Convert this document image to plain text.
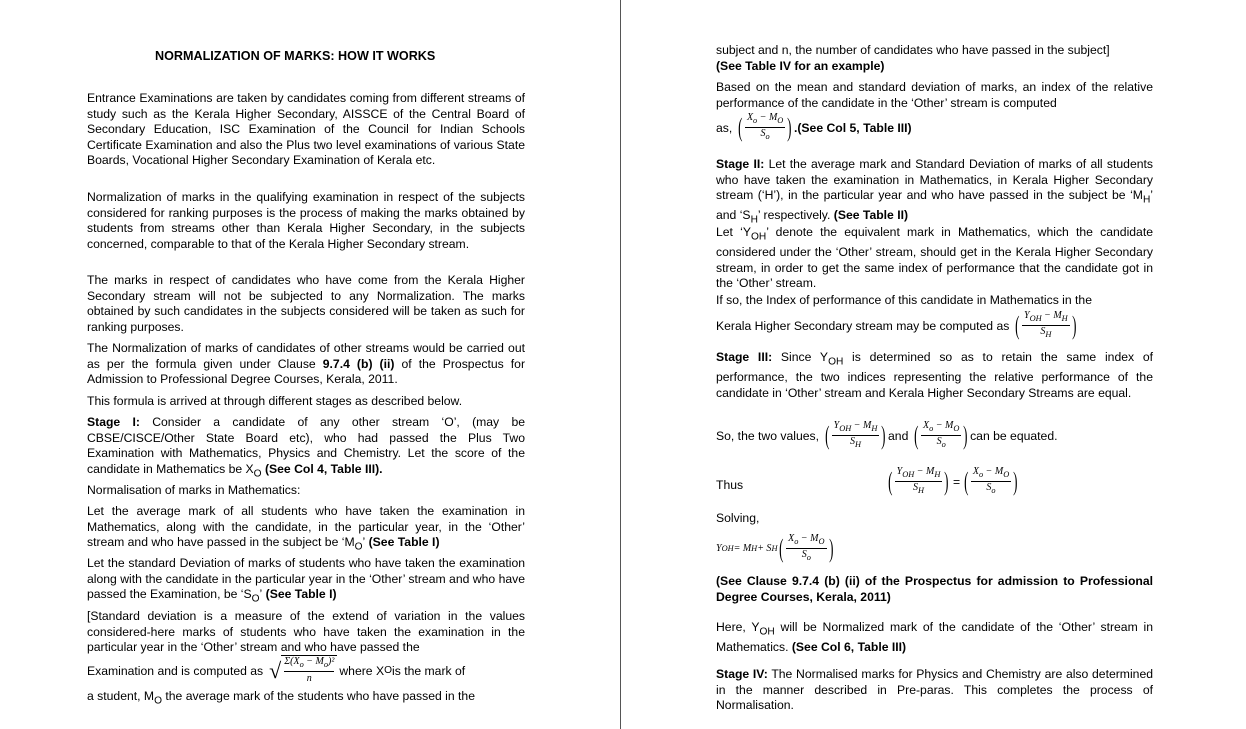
NORMALIZATION OF MARKS: HOW IT WORKS

Entrance Examinations are taken by candidates coming from different streams of study such as the Kerala Higher Secondary, AISSCE of the Central Board of Secondary Education, ISC Examination of the Council for Indian Schools Certificate Examination and also the Plus two level examinations of various State Boards, Vocational Higher Secondary Examination of Kerala etc.

Normalization of marks in the qualifying examination in respect of the subjects considered for ranking purposes is the process of making the marks obtained by students from streams other than Kerala Higher Secondary, in the subjects concerned, comparable to that of the Kerala Higher Secondary stream.

The marks in respect of candidates who have come from the Kerala Higher Secondary stream will not be subjected to any Normalization. The marks obtained by such candidates in the subjects considered will be taken as such for ranking purposes.

The Normalization of marks of candidates of other streams would be carried out as per the formula given under Clause 9.7.4 (b) (ii) of the Prospectus for Admission to Professional Degree Courses, Kerala, 2011.

This formula is arrived at through different stages as described below.

Stage I: Consider a candidate of any other stream ‘O’, (may be CBSE/CISCE/Other State Board etc), who had passed the Plus Two Examination with Mathematics, Physics and Chemistry. Let the score of the candidate in Mathematics be $X_O$ (See Col 4, Table III).

Normalisation of marks in Mathematics:

Let the average mark of all students who have taken the examination in Mathematics, along with the candidate, in the particular year, in the ‘Other’ stream and who have passed in the subject be ‘$M_O$’ (See Table I)

Let the standard Deviation of marks of students who have taken the examination along with the candidate in the particular year in the ‘Other’ stream and who have passed the Examination, be ‘$S_O$’ (See Table I)

[Standard deviation is a measure of the extend of variation in the values considered-here marks of students who have taken the examination in the particular year in the ‘Other’ stream and who have passed the

Examination and is computed as √ $\Sigma(X_o - M_o)^2$
n
where X O is the mark of

a student, $M_O$ the average mark of the students who have passed in the

subject and n, the number of candidates who have passed in the subject]
(See Table IV for an example)

Based on the mean and standard deviation of marks, an index of the relative performance of the candidate in the ‘Other’ stream is computed

as, ( $\frac{X_o - M_O}{S_o}$ ) .(See Col 5, Table III)

Stage II: Let the average mark and Standard Deviation of marks of all students who have taken the examination in Mathematics, in Kerala Higher Secondary stream (‘H’), in the particular year and who have passed in the subject be ‘$M_H$’ and ‘$S_H$’ respectively. (See Table II)

Let ‘$Y_{OH}$’ denote the equivalent mark in Mathematics, which the candidate considered under the ‘Other’ stream, should get in the Kerala Higher Secondary stream, in order to get the same index of performance that the candidate got in the ‘Other’ stream.

If so, the Index of performance of this candidate in Mathematics in the

Kerala Higher Secondary stream may be computed as ( $\frac{Y_{OH} - M_H}{S_H}$ )

Stage III: Since $Y_{OH}$ is determined so as to retain the same index of performance, the two indices representing the relative performance of the candidate in ‘Other’ stream and Kerala Higher Secondary Streams are equal.

So, the two values, ( $\frac{Y_{OH} - M_H}{S_H}$ ) and ( $\frac{X_o - M_O}{S_o}$ ) can be equated.
Thus	( $\frac{Y_{OH} - M_H}{S_H}$ ) = ( $\frac{X_o - M_O}{S_o}$ )
Solving,
Y OH = M H + S H ( $\frac{X_o - M_O}{S_o}$ )

(See Clause 9.7.4 (b) (ii) of the Prospectus for admission to Professional Degree Courses, Kerala, 2011)

Here, $Y_{OH}$ will be Normalized mark of the candidate of the ‘Other’ stream in Mathematics. (See Col 6, Table III)

Stage IV: The Normalised marks for Physics and Chemistry are also determined in the manner described in Pre-paras. This completes the process of Normalisation.
